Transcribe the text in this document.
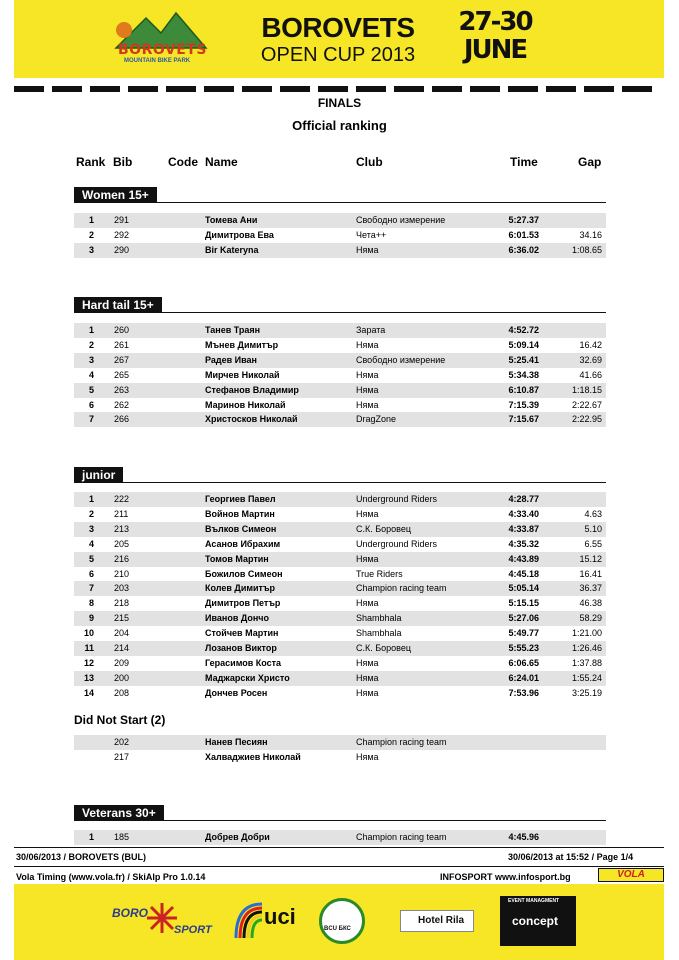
BOROVETS
MOUNTAIN BIKE PARK
BOROVETS
OPEN CUP 2013
27-30
JUNE
FINALS
Official ranking
Rank Bib	Code Name	Club	Time	Gap
Women 15+
1 291	Томева Ани	Свободно измерение	5:27.37
2 292	Димитрова Ева	Чета++	6:01.53	34.16
3 290	Bir Kateryna	Няма	6:36.02	1:08.65
Hard tail 15+
1 260	Танев Траян	Зарата	4:52.72
2 261	Мънев Димитър	Няма	5:09.14	16.42
3 267	Радев Иван	Свободно измерение	5:25.41	32.69
4 265	Мирчев Николай	Няма	5:34.38	41.66
5 263	Стефанов Владимир	Няма	6:10.87	1:18.15
6 262	Маринов Николай	Няма	7:15.39	2:22.67
7 266	Христосков Николай	DragZone	7:15.67	2:22.95
junior
1 222	Георгиев Павел	Underground Riders	4:28.77
2 211	Войнов Мартин	Няма	4:33.40	4.63
3 213	Вълков Симеон	С.К. Боровец	4:33.87	5.10
4 205	Асанов Ибрахим	Underground Riders	4:35.32	6.55
5 216	Томов Мартин	Няма	4:43.89	15.12
6 210	Божилов Симеон	True Riders	4:45.18	16.41
7 203	Колев Димитър	Champion racing team	5:05.14	36.37
8 218	Димитров Петър	Няма	5:15.15	46.38
9 215	Иванов Дончо	Shambhala	5:27.06	58.29
10 204	Стойчев Мартин	Shambhala	5:49.77	1:21.00
11 214	Лозанов Виктор	С.К. Боровец	5:55.23	1:26.46
12 209	Герасимов Коста	Няма	6:06.65	1:37.88
13 200	Маджарски Христо	Няма	6:24.01	1:55.24
14 208	Дончев Росен	Няма	7:53.96	3:25.19
Did Not Start (2)
202	Нанев Песиян	Champion racing team
217	Халваджиев Николай	Няма
Veterans 30+
1 185	Добрев Добри	Champion racing team	4:45.96
30/06/2013 / BOROVETS (BUL)	30/06/2013 at 15:52 / Page 1/4
Vola Timing (www.vola.fr) / SkiAlp Pro 1.0.14	INFOSPORT www.infosport.bg	VOLA
BORO
SPORT
uci	BCU БКС
Hotel Rila
EVENT MANAGMENT
concept
